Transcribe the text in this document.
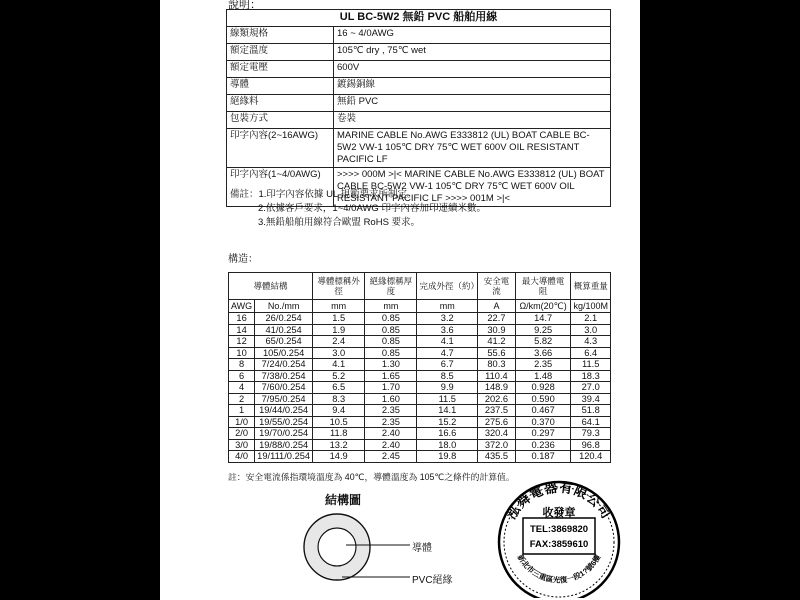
說明：
UL BC-5W2 無鉛 PVC 船舶用線	
線類規格	16 ~ 4/0AWG
額定溫度	105℃ dry , 75℃ wet
額定電壓	600V
導體	鍍錫銅線
絕緣料	無鉛 PVC
包裝方式	卷裝
印字內容(2~16AWG)	MARINE CABLE No.AWG E333812 (UL) BOAT CABLE BC-5W2 VW-1 105℃ DRY 75℃ WET 600V OIL RESISTANT PACIFIC LF
印字內容(1~4/0AWG)	>>>> 000M >|< MARINE CABLE No.AWG E333812 (UL) BOAT CABLE BC-5W2 VW-1 105℃ DRY 75℃ WET 600V OIL RESISTANT PACIFIC LF >>>> 001M >|<
備註：1.印字內容依據 UL 規範要求所制定。
2.依據客戶要求，1~4/0AWG 印字內容加印連續米數。
3.無鉛船舶用線符合歐盟 RoHS 要求。
構造：
導體結構		導體標稱外徑	絕緣標稱厚度	完成外徑（約）	安全電流	最大導體電阻	概算重量
AWG	No./mm	mm	mm	mm	A	Ω/km(20℃)	kg/100M
16	26/0.254	1.5	0.85	3.2	22.7	14.7	2.1
14	41/0.254	1.9	0.85	3.6	30.9	9.25	3.0
12	65/0.254	2.4	0.85	4.1	41.2	5.82	4.3
10	105/0.254	3.0	0.85	4.7	55.6	3.66	6.4
8	7/24/0.254	4.1	1.30	6.7	80.3	2.35	11.5
6	7/38/0.254	5.2	1.65	8.5	110.4	1.48	18.3
4	7/60/0.254	6.5	1.70	9.9	148.9	0.928	27.0
2	7/95/0.254	8.3	1.60	11.5	202.6	0.590	39.4
1	19/44/0.254	9.4	2.35	14.1	237.5	0.467	51.8
1/0	19/55/0.254	10.5	2.35	15.2	275.6	0.370	64.1
2/0	19/70/0.254	11.8	2.40	16.6	320.4	0.297	79.3
3/0	19/88/0.254	13.2	2.40	18.0	372.0	0.236	96.8
4/0	19/111/0.254	14.9	2.45	19.8	435.5	0.187	120.4
註：安全電流係指環境溫度為 40℃，導體溫度為 105℃之條件的計算值。
結構圖
導體
PVC絕緣
泓舜電器有限公司
收發章
TEL:3869820
FAX:3859610
新北市三重區光復一段1?號6樓
